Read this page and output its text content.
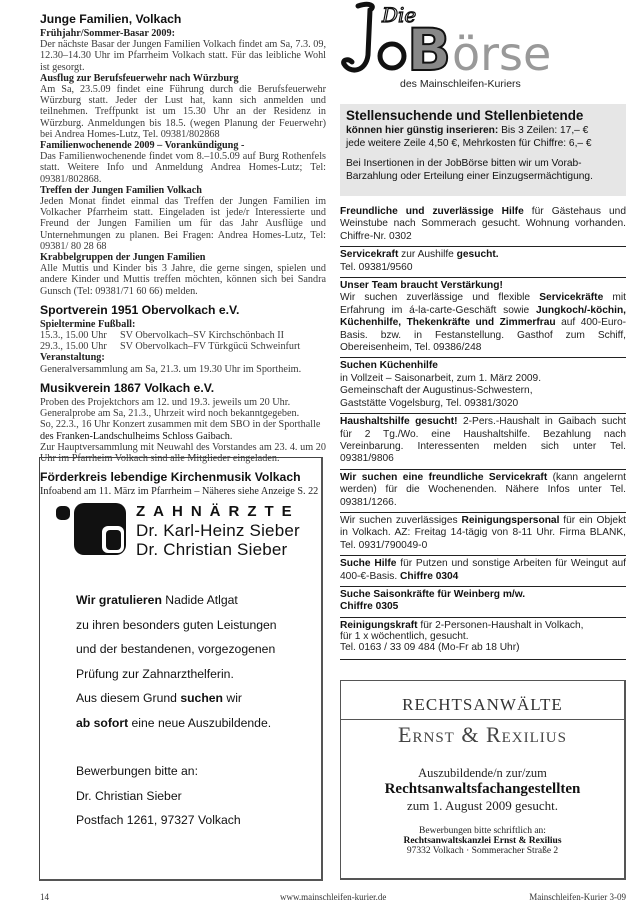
Junge Familien, Volkach
Frühjahr/Sommer-Basar 2009:
Der nächste Basar der Jungen Familien Volkach findet am Sa, 7.3. 09, 12.30–14.30 Uhr im Pfarrheim Volkach statt. Für das leibliche Wohl ist gesorgt.
Ausflug zur Berufsfeuerwehr nach Würzburg
Am Sa, 23.5.09 findet eine Führung durch die Berufsfeuerwehr Würzburg statt. Jeder der Lust hat, kann sich anmelden und teilnehmen. Treffpunkt ist um 15.30 Uhr an der Residenz in Würzburg. Anmeldungen bis 18.5. (wegen Planung der Feuerwehr) bei Andrea Homes-Lutz, Tel. 09381/802868
Familienwochenende 2009 – Vorankündigung -
Das Familienwochenende findet vom 8.–10.5.09 auf Burg Rothenfels statt. Weitere Info und Anmeldung Andrea Homes-Lutz; Tel: 09381/802868.
Treffen der Jungen Familien Volkach
Jeden Monat findet einmal das Treffen der Jungen Familien im Volkacher Pfarrheim statt. Eingeladen ist jede/r Interessierte und Freund der Jungen Familien um für das Jahr Ausflüge und Unternehmungen zu planen. Bei Fragen: Andrea Homes-Lutz, Tel: 09381/ 80 28 68
Krabbelgruppen der Jungen Familien
Alle Muttis und Kinder bis 3 Jahre, die gerne singen, spielen und andere Kinder und Muttis treffen möchten, können sich bei Sandra Gunsch (Tel: 09381/71 60 66) melden.
Sportverein 1951 Obervolkach e.V.
Spieltermine Fußball:
15.3., 15.00 Uhr	SV Obervolkach–SV Kirchschönbach II
29.3., 15.00 Uhr	SV Obervolkach–FV Türkgücü Schweinfurt
Veranstaltung:
Generalversammlung am Sa, 21.3. um 19.30 Uhr im Sportheim.
Musikverein 1867 Volkach e.V.
Proben des Projektchors am 12. und 19.3. jeweils um 20 Uhr.
Generalprobe am Sa, 21.3., Uhrzeit wird noch bekanntgegeben.
So, 22.3., 16 Uhr Konzert zusammen mit dem SBO in der Sporthalle
des Franken-Landschulheims Schloss Gaibach.
Zur Hauptversammlung mit Neuwahl des Vorstandes am 23. 4. um 20 Uhr im Pfarrheim Volkach sind alle Mitglieder eingeladen.
Förderkreis lebendige Kirchenmusik Volkach
Infoabend am 11. März im Pfarrheim – Näheres siehe Anzeige S. 22
ZAHNÄRZTE
Dr. Karl-Heinz Sieber
Dr. Christian Sieber
Wir gratulieren Nadide Atlgat
zu ihren besonders guten Leistungen
und der bestandenen, vorgezogenen
Prüfung zur Zahnarzthelferin.
Aus diesem Grund suchen wir
ab sofort eine neue Auszubildende.
Bewerbungen bitte an:
Dr. Christian Sieber
Postfach 1261, 97327 Volkach
Die
B örse
des Mainschleifen-Kuriers
Stellensuchende und Stellenbietende
können hier günstig inserieren: Bis 3 Zeilen: 17,– €
jede weitere Zeile 4,50 €, Mehrkosten für Chiffre: 6,– €
Bei Insertionen in der JobBörse bitten wir um Vorab-Barzahlung oder Erteilung einer Einzugsermächtigung.
Freundliche und zuverlässige Hilfe für Gästehaus und Weinstube nach Sommerach gesucht. Wohnung vorhanden. Chiffre-Nr. 0302
Servicekraft zur Aushilfe gesucht.
Tel. 09381/9560
Unser Team braucht Verstärkung!
Wir suchen zuverlässige und flexible Servicekräfte mit Erfahrung im á-la-carte-Geschäft sowie Jungkoch/-köchin, Küchenhilfe, Thekenkräfte und Zimmerfrau auf 400-Euro-Basis. bzw. in Festanstellung. Gasthof zum Schiff, Obereisenheim, Tel. 09386/248
Suchen Küchenhilfe
in Vollzeit – Saisonarbeit, zum 1. März 2009.
Gemeinschaft der Augustinus-Schwestern,
Gaststätte Vogelsburg, Tel. 09381/3020
Haushaltshilfe gesucht! 2-Pers.-Haushalt in Gaibach sucht für 2 Tg./Wo. eine Haushaltshilfe. Bezahlung nach Vereinbarung. Interessenten melden sich unter Tel. 09381/9806
Wir suchen eine freundliche Servicekraft (kann angelernt werden) für die Wochenenden. Nähere Infos unter Tel. 09381/1266.
Wir suchen zuverlässiges Reinigungspersonal für ein Objekt in Volkach. AZ: Freitag 14-tägig von 8-11 Uhr. Firma BLANK, Tel. 0931/790049-0
Suche Hilfe für Putzen und sonstige Arbeiten für Weingut auf 400-€-Basis. Chiffre 0304
Suche Saisonkräfte für Weinberg m/w.
Chiffre 0305
Reinigungskraft für 2-Personen-Haushalt in Volkach,
für 1 x wöchentlich, gesucht.
Tel. 0163 / 33 09 484 (Mo-Fr ab 18 Uhr)
RECHTSANWÄLTE
Ernst & Rexilius
Auszubildende/n zur/zum
Rechtsanwaltsfachangestellten
zum 1. August 2009 gesucht.
Bewerbungen bitte schriftlich an:
Rechtsanwaltskanzlei Ernst & Rexilius
97332 Volkach · Sommeracher Straße 2
14	www.mainschleifen-kurier.de	Mainschleifen-Kurier 3-09
